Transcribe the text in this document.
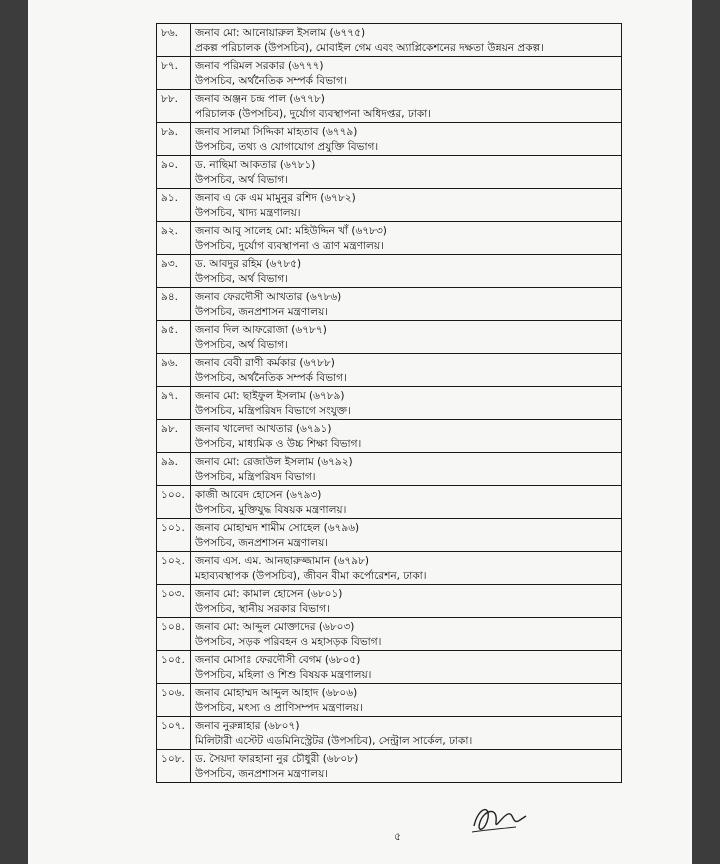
৮৬.	জনাব মো: আনোয়ারুল ইসলাম (৬৭৭৫)
প্রকল্প পরিচালক (উপসচিব), মোবাইল গেম এবং অ্যাপ্লিকেশনের দক্ষতা উন্নয়ন প্রকল্প।

৮৭.	জনাব পরিমল সরকার (৬৭৭৭)
উপসচিব, অর্থনৈতিক সম্পর্ক বিভাগ।

৮৮.	জনাব অঞ্জন চন্দ্র পাল (৬৭৭৮)
পরিচালক (উপসচিব), দুর্যোগ ব্যবস্থাপনা অধিদপ্তর, ঢাকা।

৮৯.	জনাব সালমা সিদ্দিকা মাহতাব (৬৭৭৯)
উপসচিব, তথ্য ও যোগাযোগ প্রযুক্তি বিভাগ।

৯০.	ড. নাছিমা আকতার (৬৭৮১)
উপসচিব, অর্থ বিভাগ।

৯১.	জনাব এ কে এম মামুনুর রশিদ (৬৭৮২)
উপসচিব, খাদ্য মন্ত্রণালয়।

৯২.	জনাব আবু সালেহ মো: মহিউদ্দিন খাঁ (৬৭৮৩)
উপসচিব, দুর্যোগ ব্যবস্থাপনা ও ত্রাণ মন্ত্রণালয়।

৯৩.	ড. আবদুর রহিম (৬৭৮৫)
উপসচিব, অর্থ বিভাগ।

৯৪.	জনাব ফেরদৌসী আখতার (৬৭৮৬)
উপসচিব, জনপ্রশাসন মন্ত্রণালয়।

৯৫.	জনাব দিল আফরোজা (৬৭৮৭)
উপসচিব, অর্থ বিভাগ।

৯৬.	জনাব বেবী রাণী কর্মকার (৬৭৮৮)
উপসচিব, অর্থনৈতিক সম্পর্ক বিভাগ।

৯৭.	জনাব মো: ছাইফুল ইসলাম (৬৭৮৯)
উপসচিব, মন্ত্রিপরিষদ বিভাগে সংযুক্ত।

৯৮.	জনাব খালেদা আখতার (৬৭৯১)
উপসচিব, মাধ্যমিক ও উচ্চ শিক্ষা বিভাগ।

৯৯.	জনাব মো: রেজাউল ইসলাম (৬৭৯২)
উপসচিব, মন্ত্রিপরিষদ বিভাগ।

১০০.	কাজী আবেদ হোসেন (৬৭৯৩)
উপসচিব, মুক্তিযুদ্ধ বিষয়ক মন্ত্রণালয়।

১০১.	জনাব মোহাম্মদ শামীম সোহেল (৬৭৯৬)
উপসচিব, জনপ্রশাসন মন্ত্রণালয়।

১০২.	জনাব এস. এম. আনছারুজ্জামান (৬৭৯৮)
মহাব্যবস্থাপক (উপসচিব), জীবন বীমা কর্পোরেশন, ঢাকা।

১০৩.	জনাব মো: কামাল হোসেন (৬৮০১)
উপসচিব, স্থানীয় সরকার বিভাগ।

১০৪.	জনাব মো: আব্দুল মোক্তাদের (৬৮০৩)
উপসচিব, সড়ক পরিবহন ও মহাসড়ক বিভাগ।

১০৫.	জনাব মোসাঃ ফেরদৌসী বেগম (৬৮০৫)
উপসচিব, মহিলা ও শিশু বিষয়ক মন্ত্রণালয়।

১০৬.	জনাব মোহাম্মদ আব্দুল আহাদ (৬৮০৬)
উপসচিব, মৎস্য ও প্রাণিসম্পদ মন্ত্রণালয়।

১০৭.	জনাব নুরুন্নাহার (৬৮০৭)
মিলিটারী এস্টেট এডমিনিস্ট্রেটর (উপসচিব), সেন্ট্রাল সার্কেল, ঢাকা।

১০৮.	ড. সৈয়দা ফারহানা নুর চৌধুরী (৬৮০৮)
উপসচিব, জনপ্রশাসন মন্ত্রণালয়।
৫
